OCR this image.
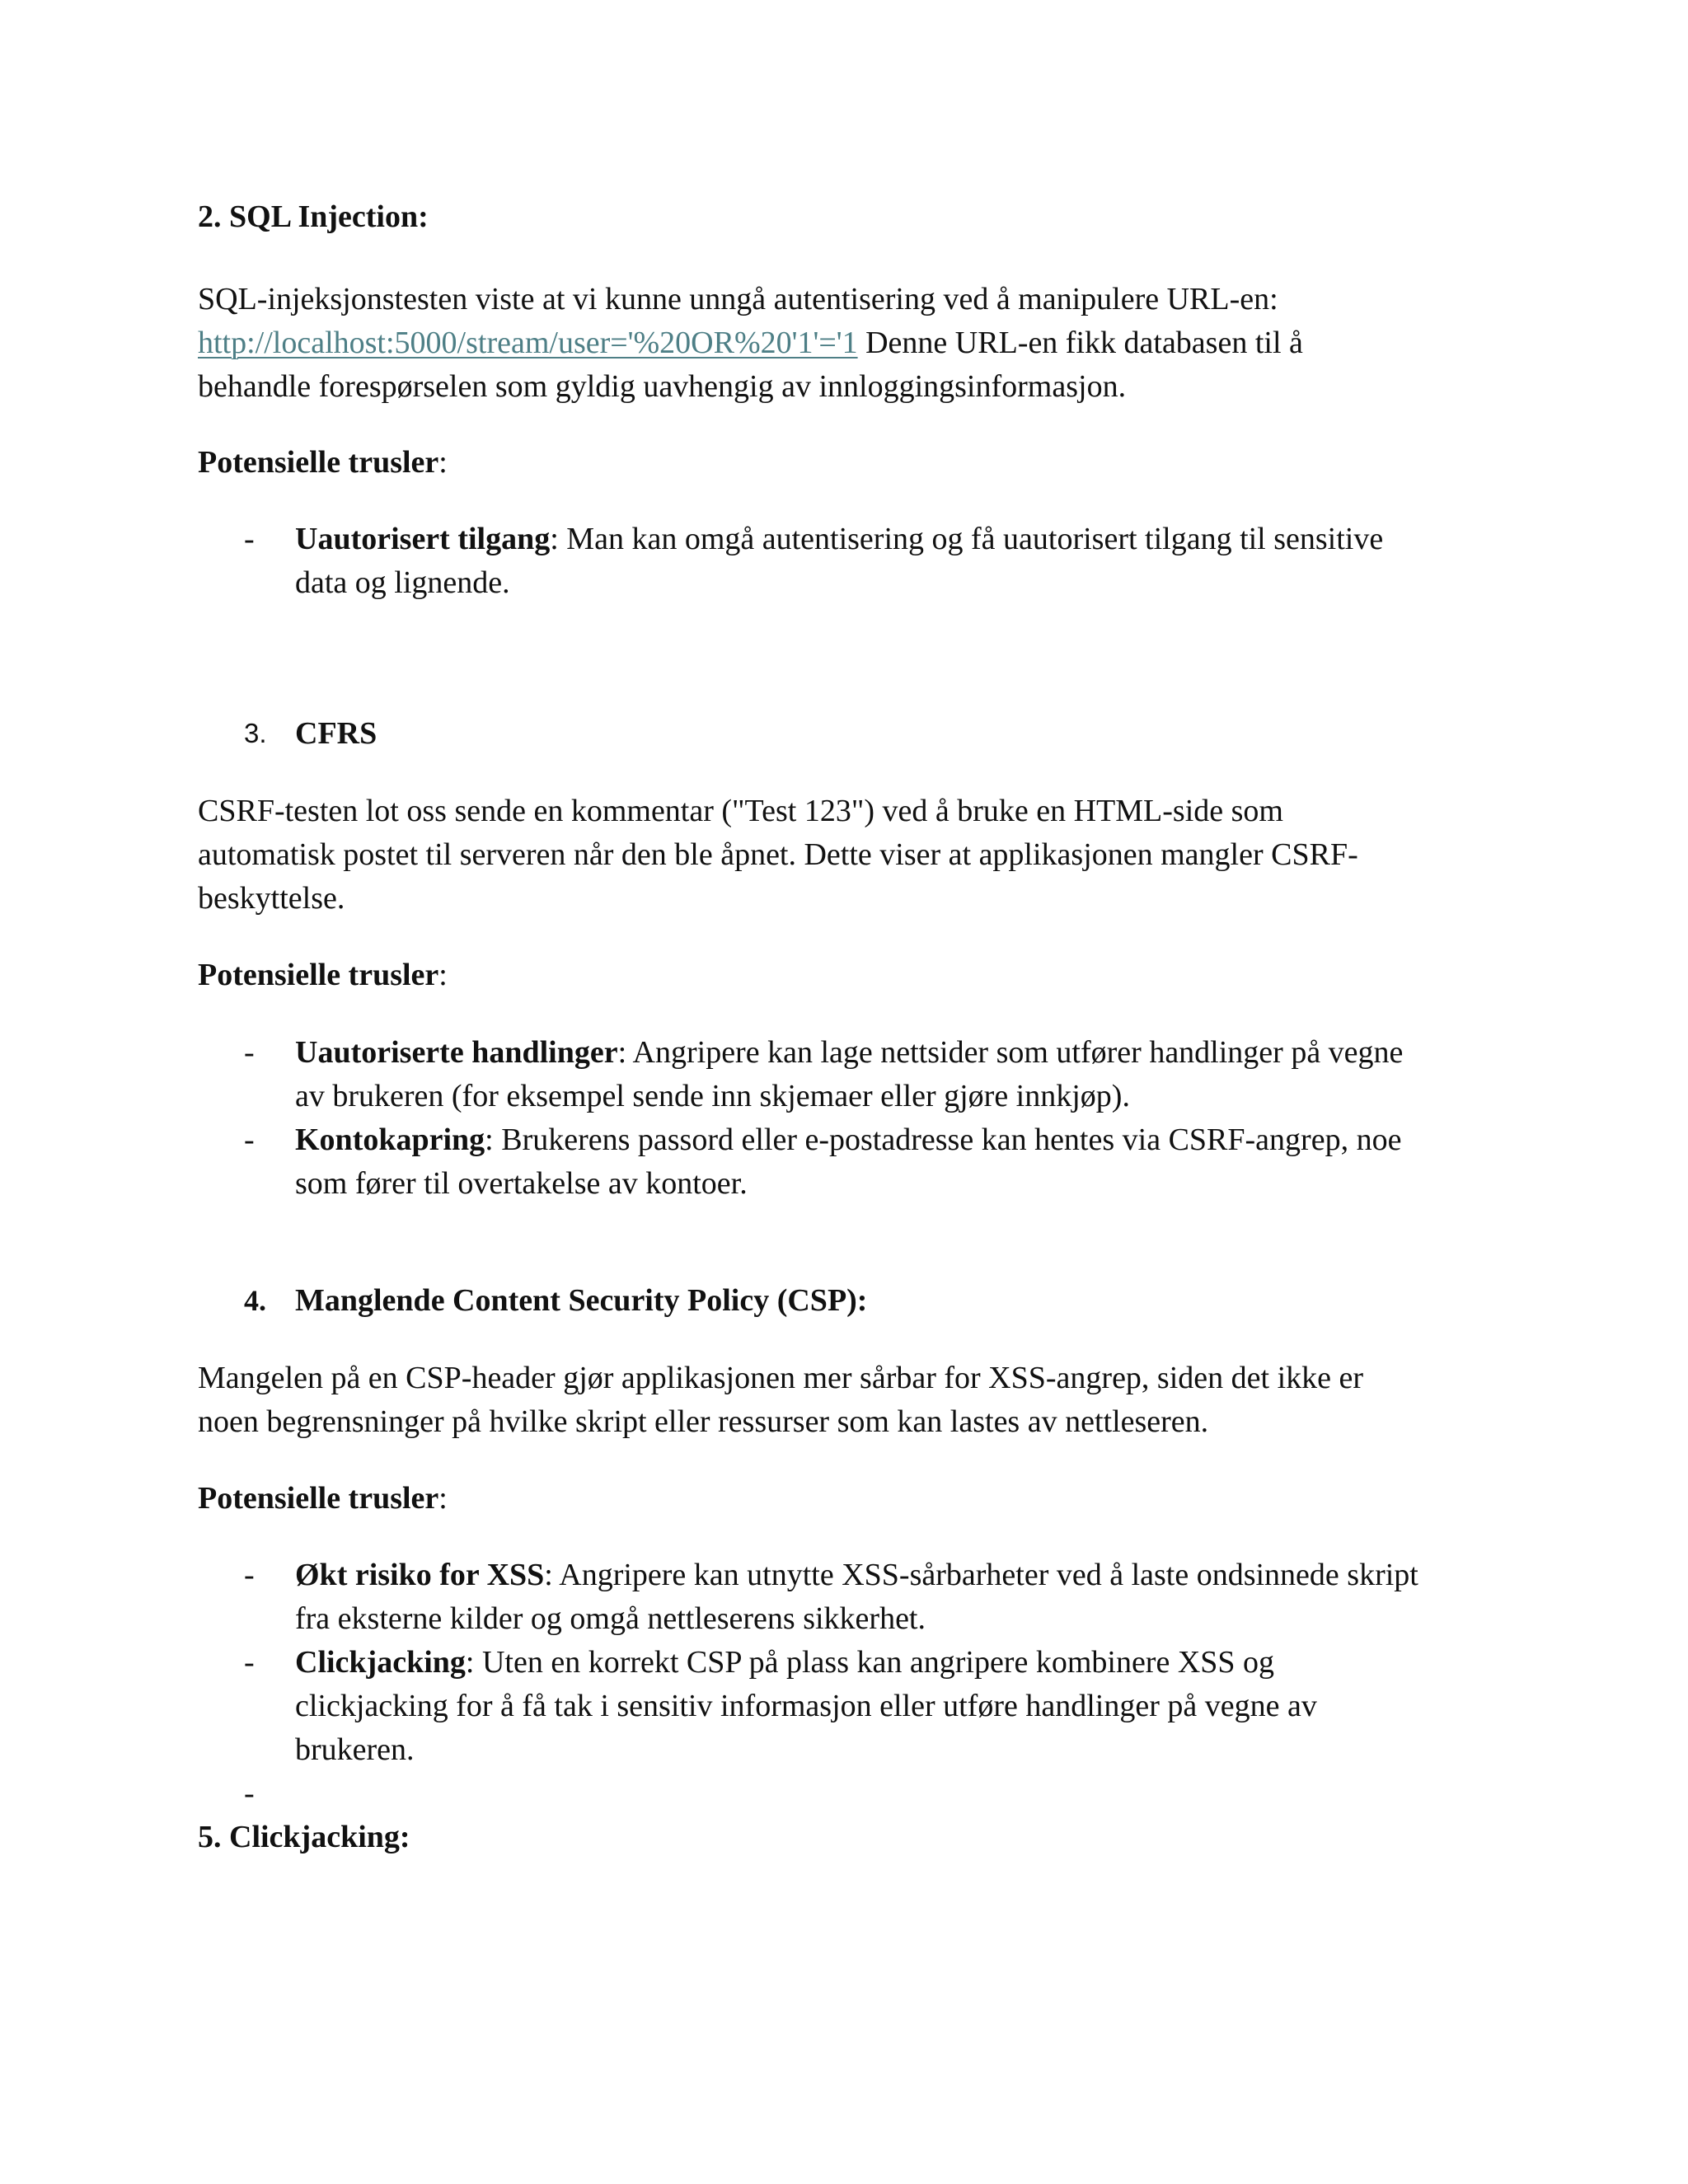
2. SQL Injection:
SQL-injeksjonstesten viste at vi kunne unngå autentisering ved å manipulere URL-en:
http://localhost:5000/stream/user='%20OR%20'1'='1 Denne URL-en fikk databasen til å
behandle forespørselen som gyldig uavhengig av innloggingsinformasjon.
Potensielle trusler:
- Uautorisert tilgang: Man kan omgå autentisering og få uautorisert tilgang til sensitive
data og lignende.
3. CFRS
CSRF-testen lot oss sende en kommentar ("Test 123") ved å bruke en HTML-side som
automatisk postet til serveren når den ble åpnet. Dette viser at applikasjonen mangler CSRF-
beskyttelse.
Potensielle trusler:
- Uautoriserte handlinger: Angripere kan lage nettsider som utfører handlinger på vegne
av brukeren (for eksempel sende inn skjemaer eller gjøre innkjøp).
- Kontokapring: Brukerens passord eller e-postadresse kan hentes via CSRF-angrep, noe
som fører til overtakelse av kontoer.
4. Manglende Content Security Policy (CSP):
Mangelen på en CSP-header gjør applikasjonen mer sårbar for XSS-angrep, siden det ikke er
noen begrensninger på hvilke skript eller ressurser som kan lastes av nettleseren.
Potensielle trusler:
- Økt risiko for XSS: Angripere kan utnytte XSS-sårbarheter ved å laste ondsinnede skript
fra eksterne kilder og omgå nettleserens sikkerhet.
- Clickjacking: Uten en korrekt CSP på plass kan angripere kombinere XSS og
clickjacking for å få tak i sensitiv informasjon eller utføre handlinger på vegne av
brukeren.
-
5. Clickjacking:
